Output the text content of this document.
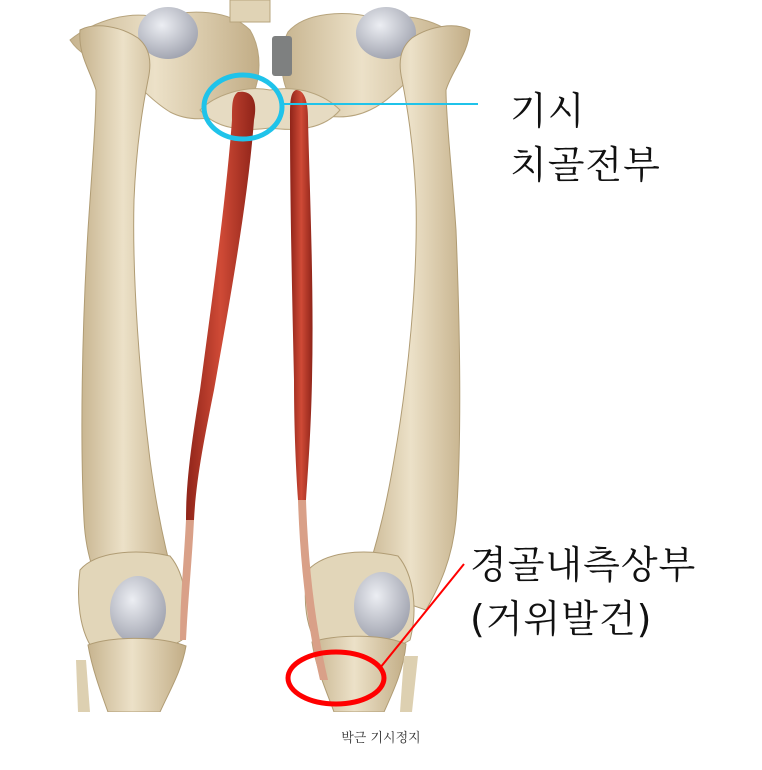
기시
치골전부
경골내측상부
(거위발건)
박근 기시정지
